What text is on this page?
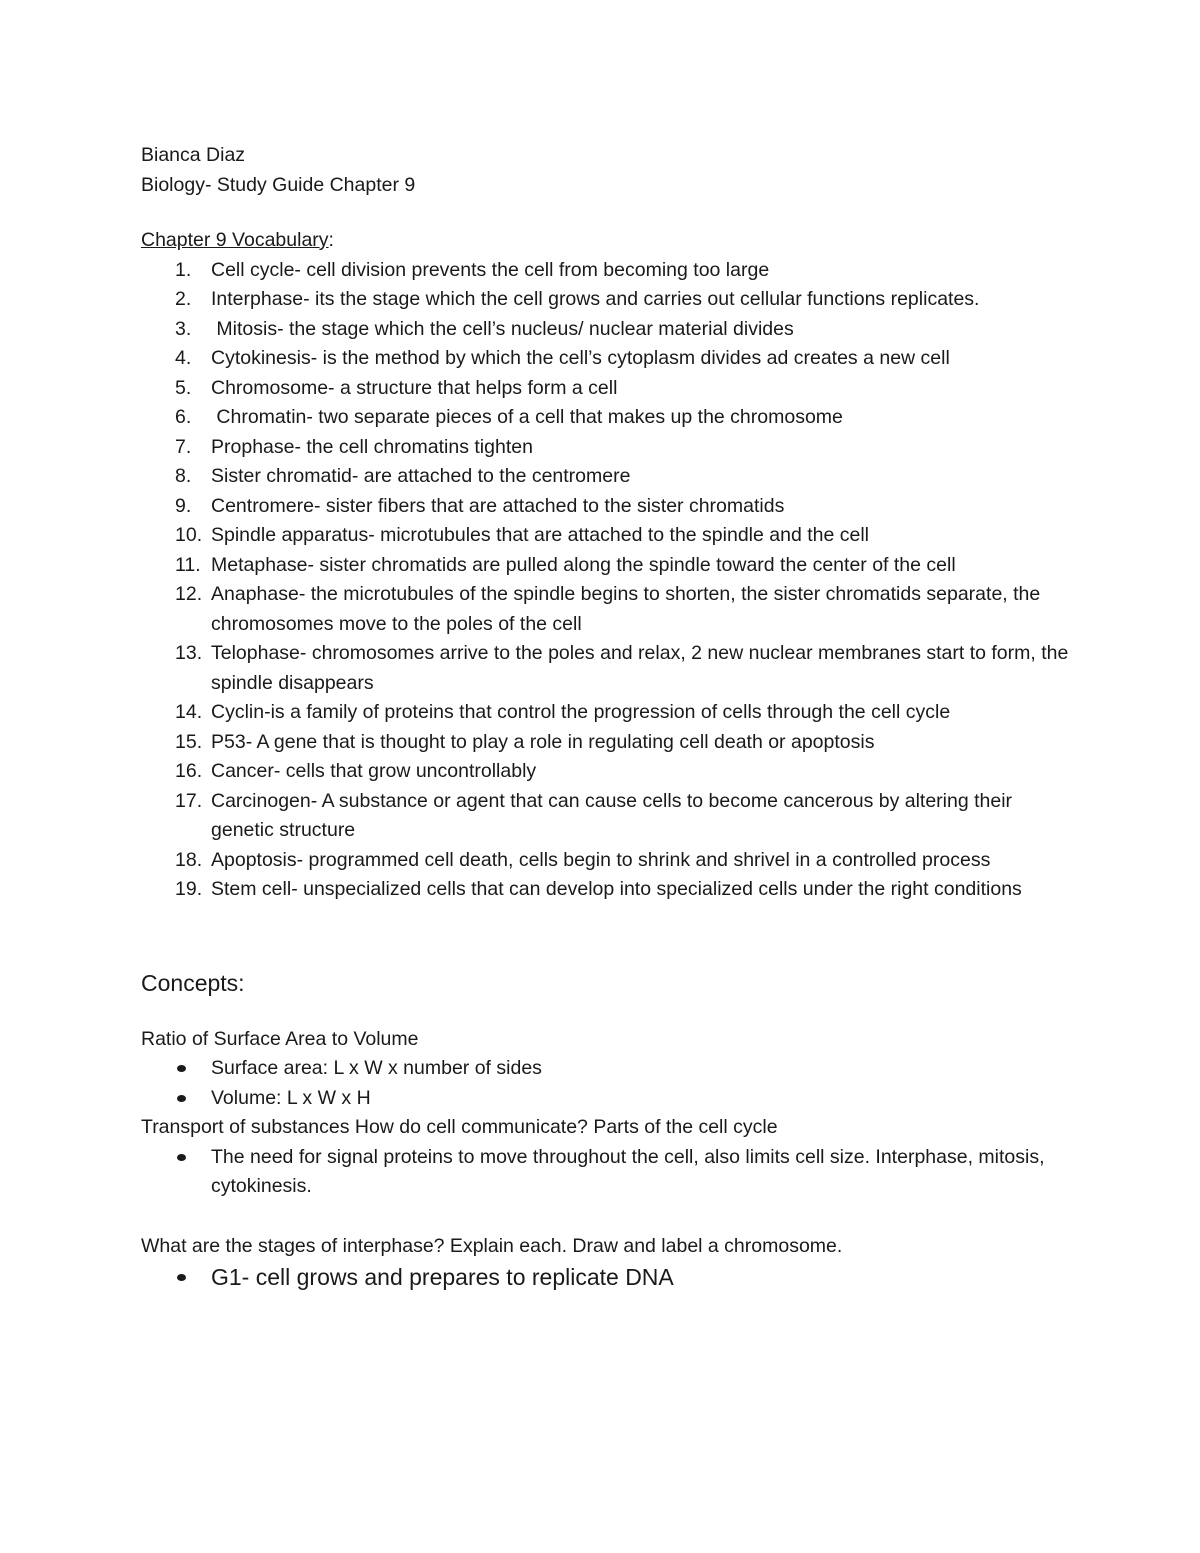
Bianca Diaz
Biology- Study Guide Chapter 9
Chapter 9 Vocabulary:
1. Cell cycle- cell division prevents the cell from becoming too large
2. Interphase- its the stage which the cell grows and carries out cellular functions replicates.
3. Mitosis- the stage which the cell’s nucleus/ nuclear material divides
4. Cytokinesis- is the method by which the cell’s cytoplasm divides ad creates a new cell
5. Chromosome- a structure that helps form a cell
6. Chromatin- two separate pieces of a cell that makes up the chromosome
7. Prophase- the cell chromatins tighten
8. Sister chromatid- are attached to the centromere
9. Centromere- sister fibers that are attached to the sister chromatids
10. Spindle apparatus- microtubules that are attached to the spindle and the cell
11. Metaphase- sister chromatids are pulled along the spindle toward the center of the cell
12. Anaphase- the microtubules of the spindle begins to shorten, the sister chromatids separate, the chromosomes move to the poles of the cell
13. Telophase- chromosomes arrive to the poles and relax, 2 new nuclear membranes start to form, the spindle disappears
14. Cyclin-is a family of proteins that control the progression of cells through the cell cycle
15. P53- A gene that is thought to play a role in regulating cell death or apoptosis
16. Cancer- cells that grow uncontrollably
17. Carcinogen- A substance or agent that can cause cells to become cancerous by altering their genetic structure
18. Apoptosis- programmed cell death, cells begin to shrink and shrivel in a controlled process
19. Stem cell- unspecialized cells that can develop into specialized cells under the right conditions
Concepts:
Ratio of Surface Area to Volume
Surface area: L x W x number of sides
Volume: L x W x H
Transport of substances How do cell communicate? Parts of the cell cycle
The need for signal proteins to move throughout the cell, also limits cell size. Interphase, mitosis, cytokinesis.
What are the stages of interphase? Explain each. Draw and label a chromosome.
G1- cell grows and prepares to replicate DNA
